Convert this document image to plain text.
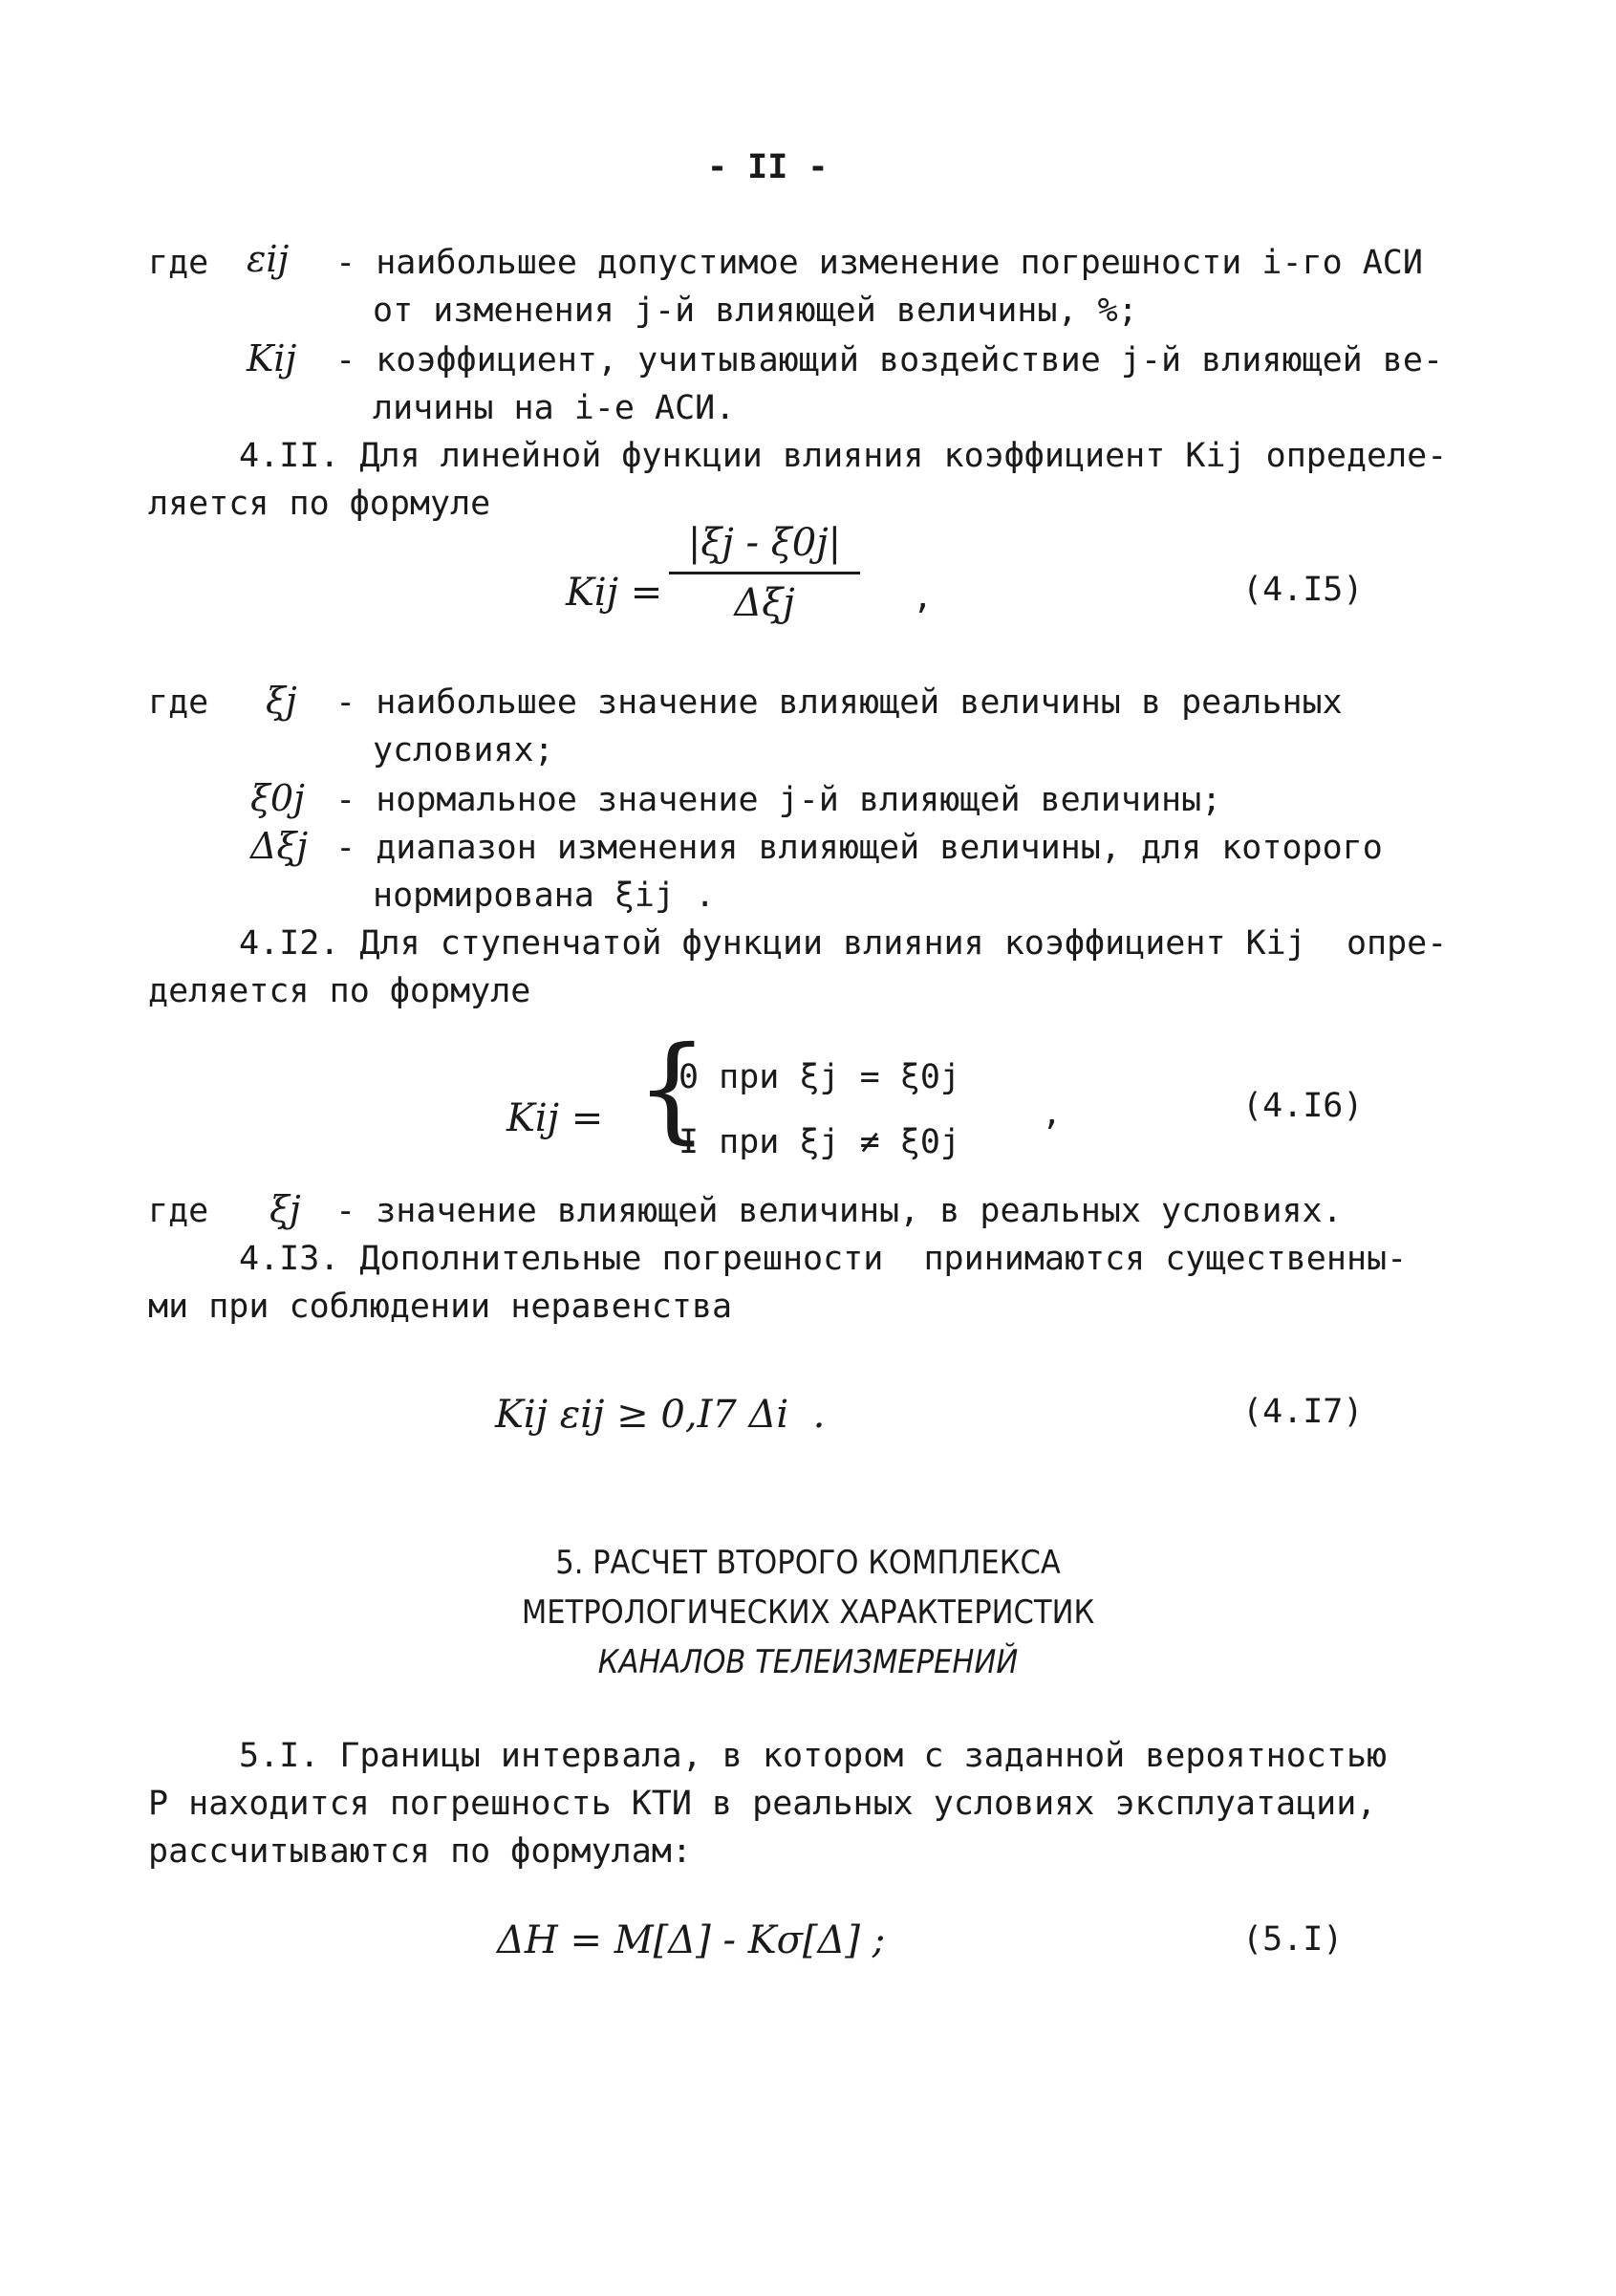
- II -
где εij - наибольшее допустимое изменение погрешности i-го АСИ
от изменения j-й влияющей величины, %;
Kij - коэффициент, учитывающий воздействие j-й влияющей ве-
личины на i-е АСИ.
4.II. Для линейной функции влияния коэффициент Kij определе-
ляется по формуле
Kij =
|ξj - ξ0j|
Δξj	,	(4.I5)
где ξj - наибольшее значение влияющей величины в реальных
условиях;
ξ0j - нормальное значение j-й влияющей величины;
Δξj - диапазон изменения влияющей величины, для которого
нормирована ξij .
4.I2. Для ступенчатой функции влияния коэффициент Kij  опре-
деляется по формуле
Kij = {
0 при ξj = ξ0j
I при ξj ≠ ξ0j
,	(4.I6)
где ξj - значение влияющей величины, в реальных условиях.
4.I3. Дополнительные погрешности  принимаются существенны-
ми при соблюдении неравенства
Kij εij ≥ 0,I7 Δi  .	(4.I7)
5. РАСЧЕТ ВТОРОГО КОМПЛЕКСА
МЕТРОЛОГИЧЕСКИХ ХАРАКТЕРИСТИК
КАНАЛОВ ТЕЛЕИЗМЕРЕНИЙ
5.I. Границы интервала, в котором с заданной вероятностью
P находится погрешность КТИ в реальных условиях эксплуатации,
рассчитываются по формулам:
ΔH = M[Δ] - Kσ[Δ] ;	(5.I)
